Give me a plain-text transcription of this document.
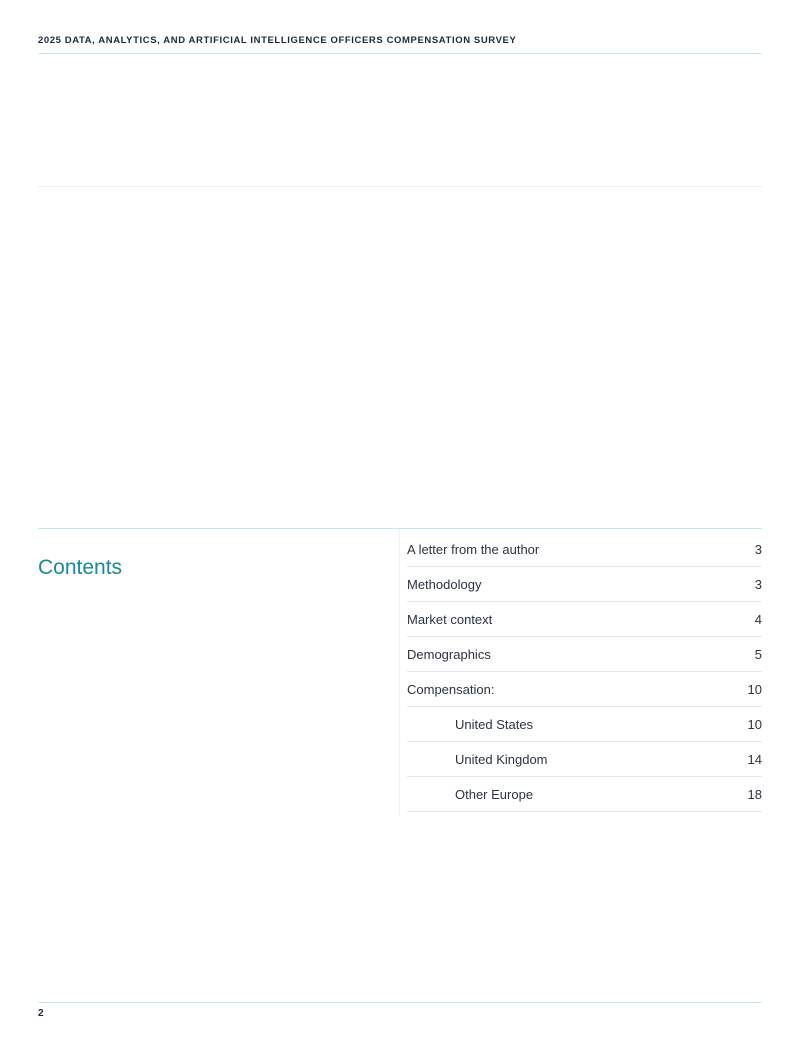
2025 DATA, ANALYTICS, AND ARTIFICIAL INTELLIGENCE OFFICERS COMPENSATION SURVEY
Contents
A letter from the author	3
Methodology	3
Market context	4
Demographics	5
Compensation:	10
United States	10
United Kingdom	14
Other Europe	18
2
